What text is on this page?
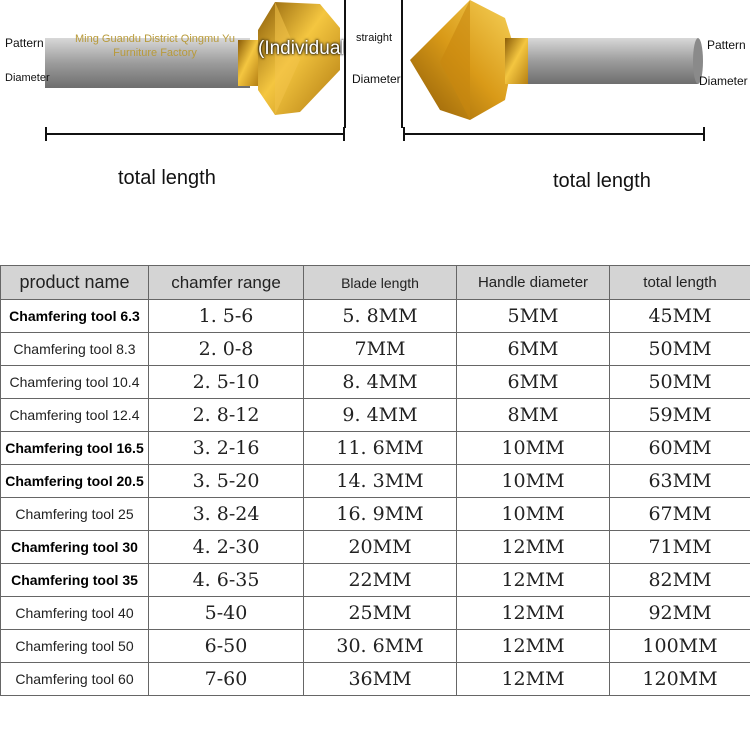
Pattern
Diameter
Ming Guandu District Qingmu Yu Furniture Factory	(Individual straight
Diameter
Pattern
Diameter
total length	total length
product name	chamfer range	Blade length	Handle diameter	total length
Chamfering tool 6.3	1. 5-6	5. 8MM	5MM	45MM
Chamfering tool 8.3	2. 0-8	7MM	6MM	50MM
Chamfering tool 10.4	2. 5-10	8. 4MM	6MM	50MM
Chamfering tool 12.4	2. 8-12	9. 4MM	8MM	59MM
Chamfering tool 16.5	3. 2-16	11. 6MM	10MM	60MM
Chamfering tool 20.5	3. 5-20	14. 3MM	10MM	63MM
Chamfering tool 25	3. 8-24	16. 9MM	10MM	67MM
Chamfering tool 30	4. 2-30	20MM	12MM	71MM
Chamfering tool 35	4. 6-35	22MM	12MM	82MM
Chamfering tool 40	5-40	25MM	12MM	92MM
Chamfering tool 50	6-50	30. 6MM	12MM	100MM
Chamfering tool 60	7-60	36MM	12MM	120MM
